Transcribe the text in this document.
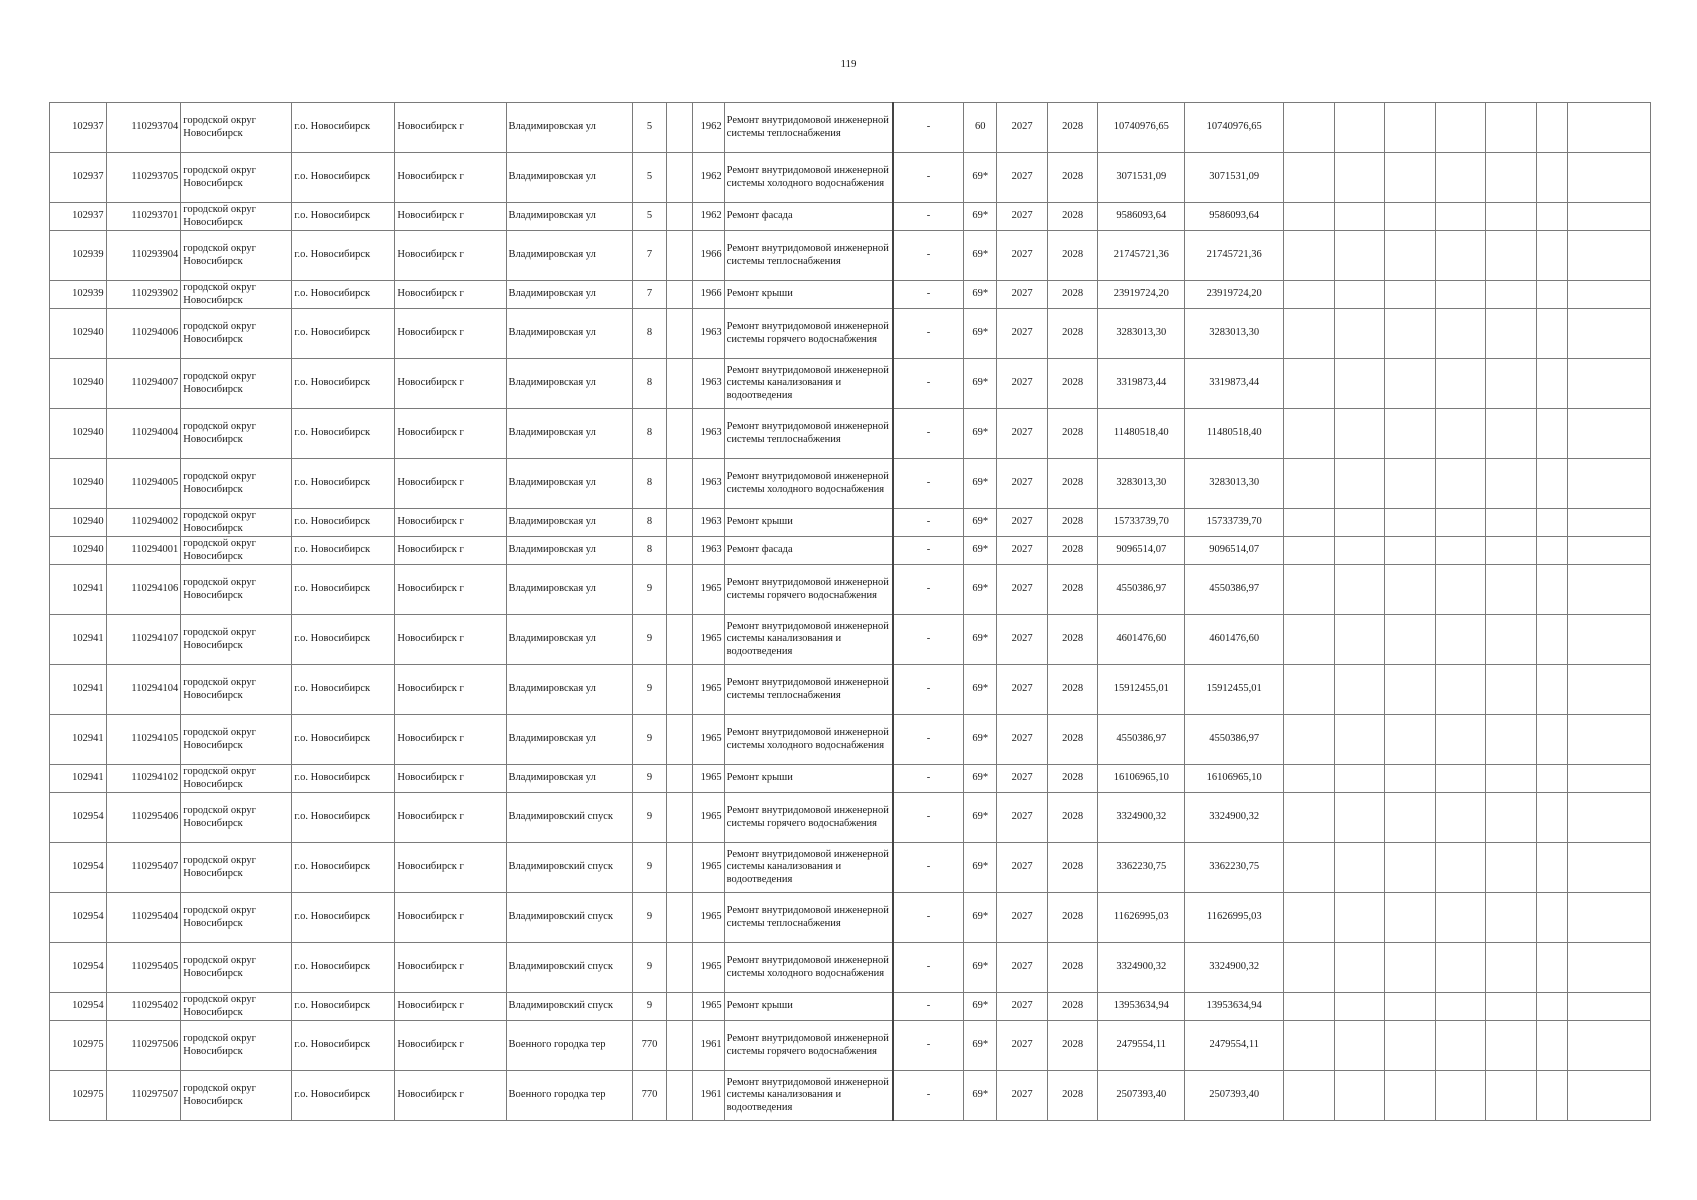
119
102937	110293704	городской округ Новосибирск	г.о. Новосибирск	Новосибирск г	Владимировская ул	5		1962	Ремонт внутридомовой инженерной системы теплоснабжения	-	60	2027	2028	10740976,65	10740976,65							
102937	110293705	городской округ Новосибирск	г.о. Новосибирск	Новосибирск г	Владимировская ул	5		1962	Ремонт внутридомовой инженерной системы холодного водоснабжения	-	69*	2027	2028	3071531,09	3071531,09							
102937	110293701	городской округ Новосибирск	г.о. Новосибирск	Новосибирск г	Владимировская ул	5		1962	Ремонт фасада	-	69*	2027	2028	9586093,64	9586093,64							
102939	110293904	городской округ Новосибирск	г.о. Новосибирск	Новосибирск г	Владимировская ул	7		1966	Ремонт внутридомовой инженерной системы теплоснабжения	-	69*	2027	2028	21745721,36	21745721,36							
102939	110293902	городской округ Новосибирск	г.о. Новосибирск	Новосибирск г	Владимировская ул	7		1966	Ремонт крыши	-	69*	2027	2028	23919724,20	23919724,20							
102940	110294006	городской округ Новосибирск	г.о. Новосибирск	Новосибирск г	Владимировская ул	8		1963	Ремонт внутридомовой инженерной системы горячего водоснабжения	-	69*	2027	2028	3283013,30	3283013,30							
102940	110294007	городской округ Новосибирск	г.о. Новосибирск	Новосибирск г	Владимировская ул	8		1963	Ремонт внутридомовой инженерной системы канализования и водоотведения	-	69*	2027	2028	3319873,44	3319873,44							
102940	110294004	городской округ Новосибирск	г.о. Новосибирск	Новосибирск г	Владимировская ул	8		1963	Ремонт внутридомовой инженерной системы теплоснабжения	-	69*	2027	2028	11480518,40	11480518,40							
102940	110294005	городской округ Новосибирск	г.о. Новосибирск	Новосибирск г	Владимировская ул	8		1963	Ремонт внутридомовой инженерной системы холодного водоснабжения	-	69*	2027	2028	3283013,30	3283013,30							
102940	110294002	городской округ Новосибирск	г.о. Новосибирск	Новосибирск г	Владимировская ул	8		1963	Ремонт крыши	-	69*	2027	2028	15733739,70	15733739,70							
102940	110294001	городской округ Новосибирск	г.о. Новосибирск	Новосибирск г	Владимировская ул	8		1963	Ремонт фасада	-	69*	2027	2028	9096514,07	9096514,07							
102941	110294106	городской округ Новосибирск	г.о. Новосибирск	Новосибирск г	Владимировская ул	9		1965	Ремонт внутридомовой инженерной системы горячего водоснабжения	-	69*	2027	2028	4550386,97	4550386,97							
102941	110294107	городской округ Новосибирск	г.о. Новосибирск	Новосибирск г	Владимировская ул	9		1965	Ремонт внутридомовой инженерной системы канализования и водоотведения	-	69*	2027	2028	4601476,60	4601476,60							
102941	110294104	городской округ Новосибирск	г.о. Новосибирск	Новосибирск г	Владимировская ул	9		1965	Ремонт внутридомовой инженерной системы теплоснабжения	-	69*	2027	2028	15912455,01	15912455,01							
102941	110294105	городской округ Новосибирск	г.о. Новосибирск	Новосибирск г	Владимировская ул	9		1965	Ремонт внутридомовой инженерной системы холодного водоснабжения	-	69*	2027	2028	4550386,97	4550386,97							
102941	110294102	городской округ Новосибирск	г.о. Новосибирск	Новосибирск г	Владимировская ул	9		1965	Ремонт крыши	-	69*	2027	2028	16106965,10	16106965,10							
102954	110295406	городской округ Новосибирск	г.о. Новосибирск	Новосибирск г	Владимировский спуск	9		1965	Ремонт внутридомовой инженерной системы горячего водоснабжения	-	69*	2027	2028	3324900,32	3324900,32							
102954	110295407	городской округ Новосибирск	г.о. Новосибирск	Новосибирск г	Владимировский спуск	9		1965	Ремонт внутридомовой инженерной системы канализования и водоотведения	-	69*	2027	2028	3362230,75	3362230,75							
102954	110295404	городской округ Новосибирск	г.о. Новосибирск	Новосибирск г	Владимировский спуск	9		1965	Ремонт внутридомовой инженерной системы теплоснабжения	-	69*	2027	2028	11626995,03	11626995,03							
102954	110295405	городской округ Новосибирск	г.о. Новосибирск	Новосибирск г	Владимировский спуск	9		1965	Ремонт внутридомовой инженерной системы холодного водоснабжения	-	69*	2027	2028	3324900,32	3324900,32							
102954	110295402	городской округ Новосибирск	г.о. Новосибирск	Новосибирск г	Владимировский спуск	9		1965	Ремонт крыши	-	69*	2027	2028	13953634,94	13953634,94							
102975	110297506	городской округ Новосибирск	г.о. Новосибирск	Новосибирск г	Военного городка тер	770		1961	Ремонт внутридомовой инженерной системы горячего водоснабжения	-	69*	2027	2028	2479554,11	2479554,11							
102975	110297507	городской округ Новосибирск	г.о. Новосибирск	Новосибирск г	Военного городка тер	770		1961	Ремонт внутридомовой инженерной системы канализования и водоотведения	-	69*	2027	2028	2507393,40	2507393,40							
